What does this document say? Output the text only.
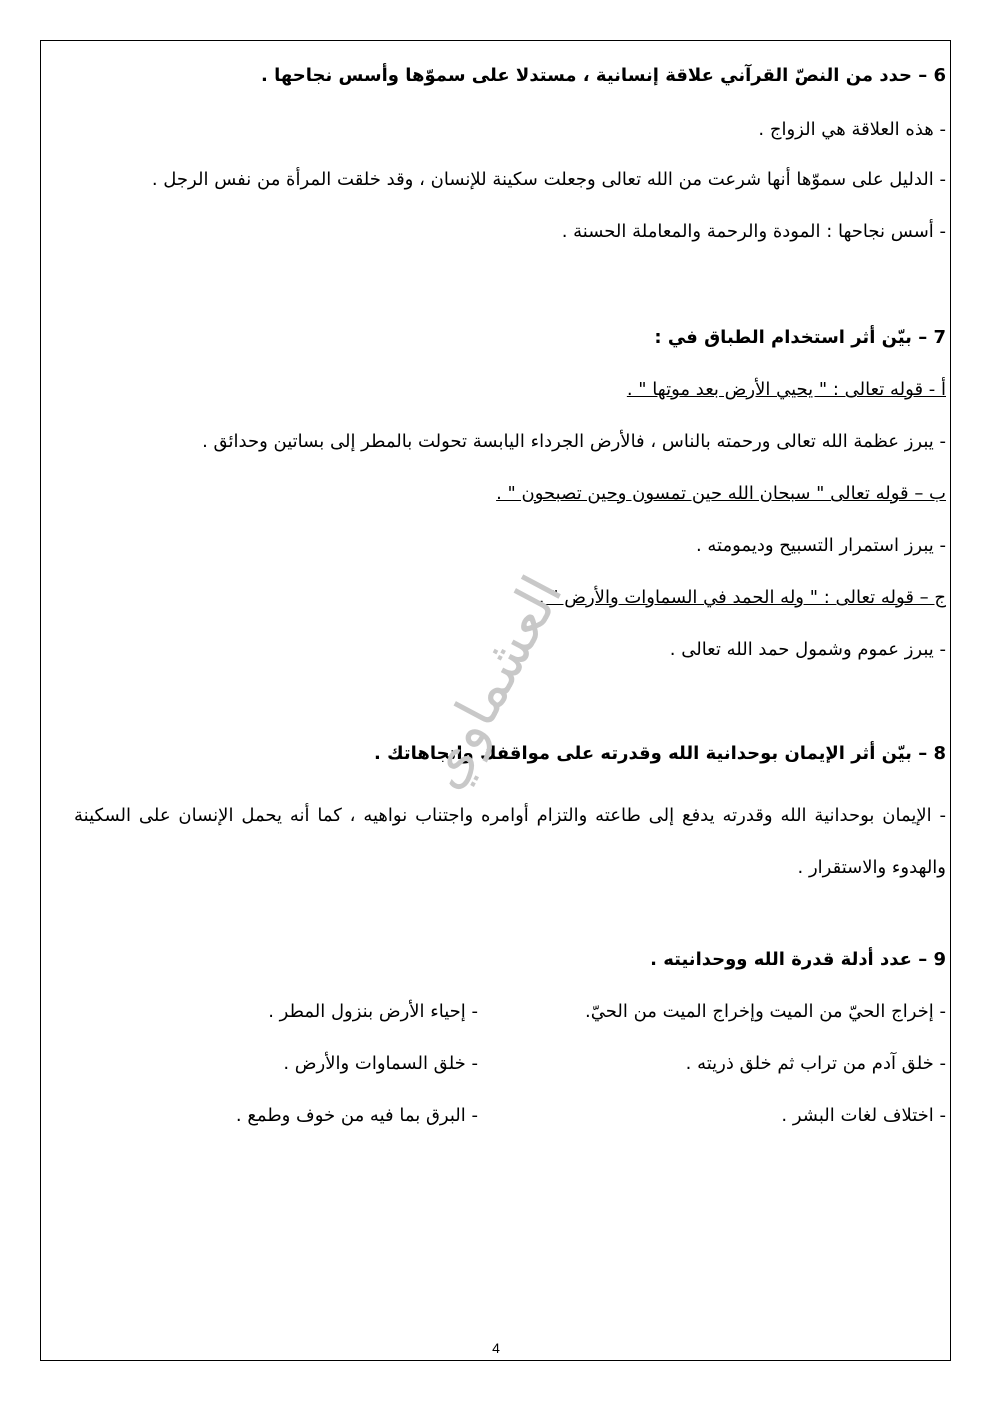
6 – حدد من النصّ القرآني علاقة إنسانية ، مستدلا على سموّها وأسس نجاحها .
- هذه العلاقة هي الزواج .
- الدليل على سموّها أنها شرعت من الله تعالى وجعلت سكينة للإنسان ، وقد خلقت المرأة من نفس الرجل .
- أسس نجاحها : المودة والرحمة والمعاملة الحسنة .
7 – بيّن أثر استخدام الطباق في :
أ - قوله تعالى : " يحيي الأرض بعد موتها " .
- يبرز عظمة الله تعالى ورحمته بالناس ، فالأرض الجرداء اليابسة تحولت بالمطر إلى بساتين وحدائق .
ب – قوله تعالى " سبحان الله حين تمسون وحين تصبحون " .
- يبرز استمرار التسبيح وديمومته .
ج – قوله تعالى : " وله الحمد في السماوات والأرض " .
- يبرز عموم وشمول حمد الله تعالى .
8 – بيّن أثر الإيمان بوحدانية الله وقدرته على مواقفك واتجاهاتك .
- الإيمان بوحدانية الله وقدرته يدفع إلى طاعته والتزام أوامره واجتناب نواهيه ، كما أنه يحمل الإنسان على السكينة والهدوء والاستقرار .
9 – عدد أدلة قدرة الله ووحدانيته .
- إخراج الحيّ من الميت وإخراج الميت من الحيّ.
- إحياء الأرض بنزول المطر .
- خلق آدم من تراب ثم خلق ذريته .
- خلق السماوات والأرض .
- اختلاف لغات البشر .
- البرق بما فيه من خوف وطمع .
العشماوي
4
